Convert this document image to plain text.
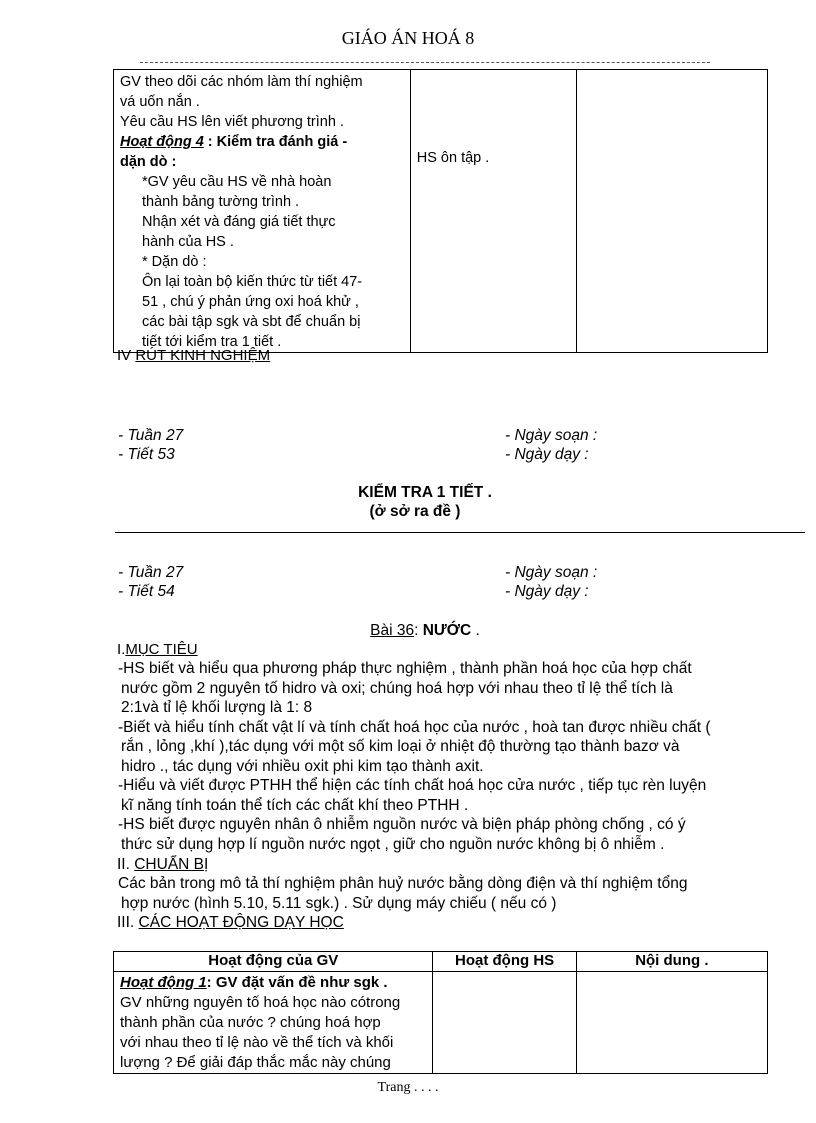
GIÁO ÁN HOÁ 8
GV theo dõi các nhóm làm thí nghiệm
vá uốn nắn .
Yêu cầu HS lên viết phương trình .
Hoạt động 4 : Kiểm tra đánh giá -
dặn dò :
*GV yêu cầu HS về nhà hoàn
thành bảng tường trình .
Nhận xét và đáng giá tiết thực
hành của HS .
* Dặn dò :
Ôn lại toàn bộ kiến thức từ tiết 47-
51 , chú ý phản ứng oxi hoá khử ,
các bài tập sgk và sbt để chuẩn bị
tiết tới kiểm tra 1 tiết .

HS ôn tập .

IV RÚT KINH NGHIỆM
- Tuần 27
- Tiết 53
- Ngày soạn :
- Ngày dạy :
KIỂM TRA 1 TIẾT .
(ở sở ra đề )
- Tuần 27
- Tiết 54
- Ngày soạn :
- Ngày dạy :
Bài 36: NƯỚC .
I.MỤC TIÊU
-HS biết và hiểu qua phương pháp thực nghiệm , thành phần hoá học của hợp chất
nước gồm 2 nguyên tố hidro và oxi; chúng hoá hợp với nhau theo tỉ lệ thể tích là
2:1và tỉ lệ khối lượng là 1: 8
-Biết và hiểu tính chất vật lí và tính chất hoá học của nước , hoà tan được nhiều chất (
rắn , lỏng ,khí ),tác dụng với một số kim loại ở nhiệt độ thường tạo thành bazơ và
hidro ., tác dụng với nhiều oxit phi kim tạo thành axit.
-Hiểu và viết được PTHH thể hiện các tính chất hoá học cửa nước , tiếp tục rèn luyện
kĩ năng tính toán thể tích các chất khí theo PTHH .
-HS biết được nguyên nhân ô nhiễm nguồn nước và biện pháp phòng chống , có ý
thức sử dụng hợp lí nguồn nước ngọt , giữ cho nguồn nước không bị ô nhiễm .
II. CHUẨN BỊ
Các bản trong mô tả thí nghiệm phân huỷ nước bằng dòng điện và thí nghiệm tổng
hợp nước (hình 5.10, 5.11 sgk.) . Sử dụng máy chiếu ( nếu có )
III. CÁC HOẠT ĐỘNG DẠY HỌC
Hoạt động của GV	Hoạt động HS	Nội dung .

Hoạt động 1: GV đặt vấn đề như sgk .
GV những nguyên tố hoá học nào cótrong
thành phần của nước ? chúng hoá hợp
với nhau theo tỉ lệ nào về thể tích và khối
lượng ? Để giải đáp thắc mắc này chúng		

Trang . . . .
